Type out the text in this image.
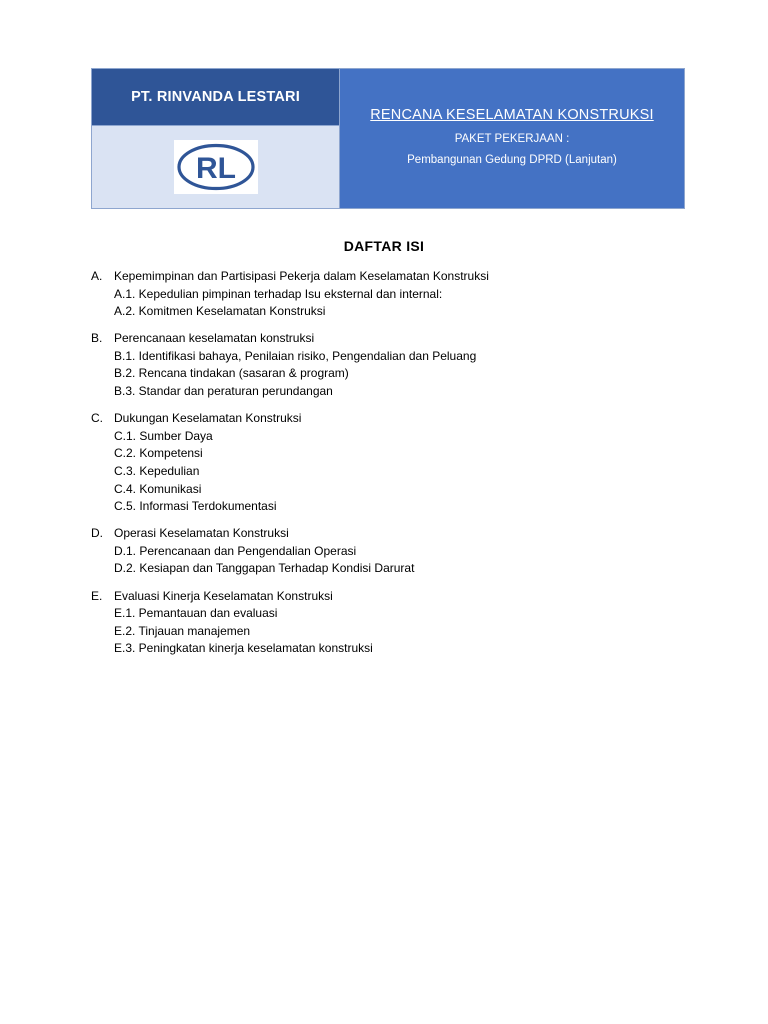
PT. RINVANDA LESTARI
RL
RENCANA KESELAMATAN KONSTRUKSI
PAKET PEKERJAAN :
Pembangunan Gedung DPRD (Lanjutan)
DAFTAR ISI
A. Kepemimpinan dan Partisipasi Pekerja dalam Keselamatan Konstruksi
A.1. Kepedulian pimpinan terhadap Isu eksternal dan internal:
A.2. Komitmen Keselamatan Konstruksi
B. Perencanaan keselamatan konstruksi
B.1. Identifikasi bahaya, Penilaian risiko, Pengendalian dan Peluang
B.2. Rencana tindakan (sasaran & program)
B.3. Standar dan peraturan perundangan
C. Dukungan Keselamatan Konstruksi
C.1. Sumber Daya
C.2. Kompetensi
C.3. Kepedulian
C.4. Komunikasi
C.5. Informasi Terdokumentasi
D. Operasi Keselamatan Konstruksi
D.1. Perencanaan dan Pengendalian Operasi
D.2. Kesiapan dan Tanggapan Terhadap Kondisi Darurat
E. Evaluasi Kinerja Keselamatan Konstruksi
E.1. Pemantauan dan evaluasi
E.2. Tinjauan manajemen
E.3. Peningkatan kinerja keselamatan konstruksi
